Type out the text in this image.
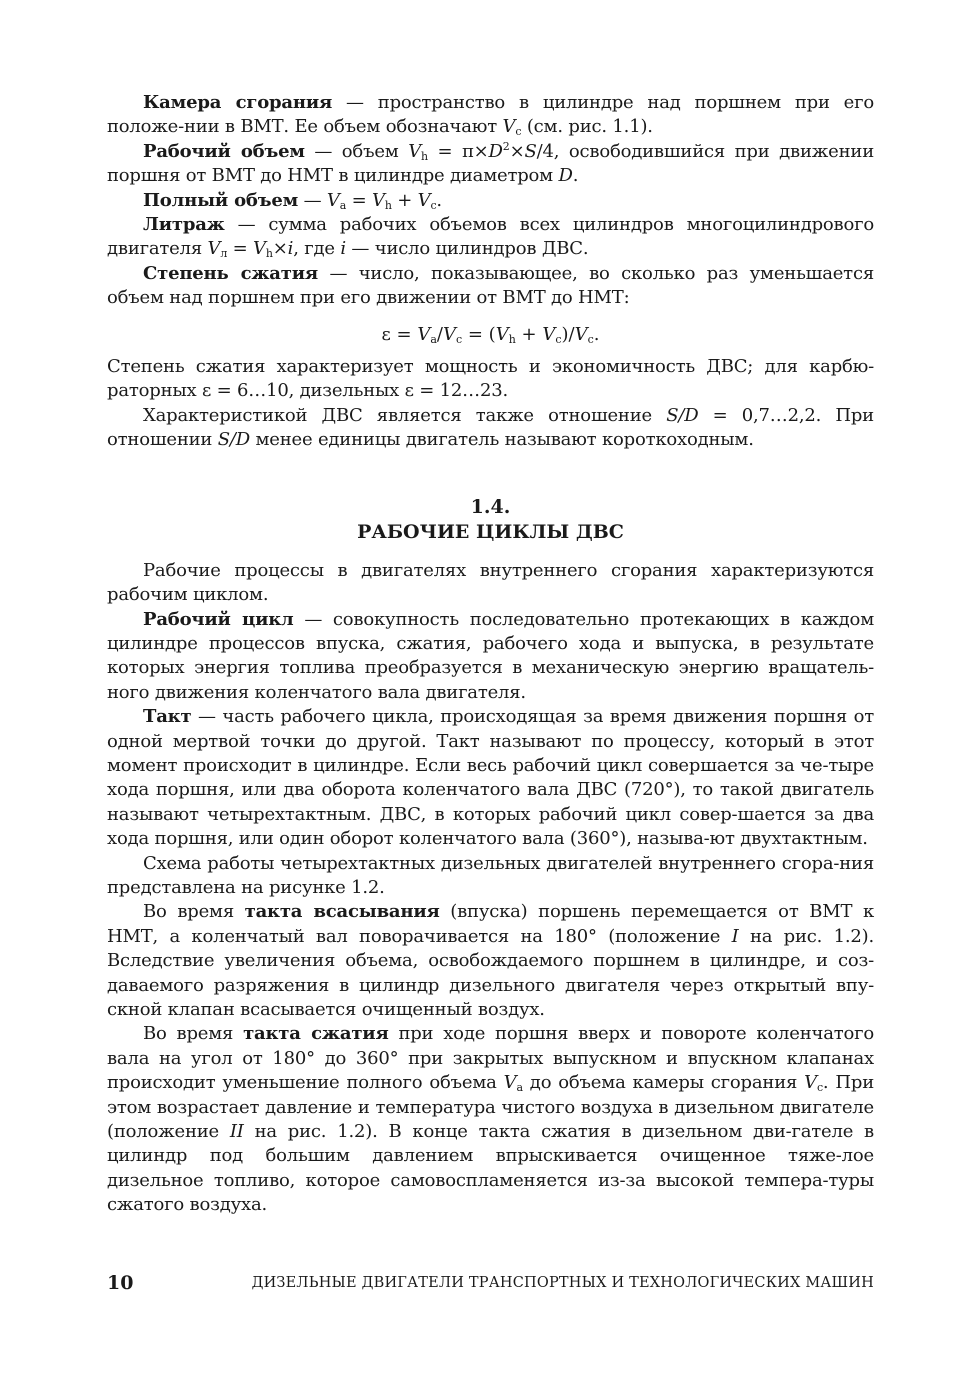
Камера сгорания — пространство в цилиндре над поршнем при его положе-нии в ВМТ. Ее объем обозначают $V_c$ (см. рис. 1.1).

Рабочий объем — объем $V_h = \pi\times D^2\times S/4$, освободившийся при движении поршня от ВМТ до НМТ в цилиндре диаметром D.

Полный объем — $V_a = V_h + V_c$.

Литраж — сумма рабочих объемов всех цилиндров многоцилиндрового двигателя $V_л = V_h\times i$, где i — число цилиндров ДВС.

Степень сжатия — число, показывающее, во сколько раз уменьшается объем над поршнем при его движении от ВМТ до НМТ:

$\varepsilon = V_a/V_c = (V_h + V_c)/V_c$.

Степень сжатия характеризует мощность и экономичность ДВС; для карбю-раторных ε = 6…10, дизельных ε = 12…23.

Характеристикой ДВС является также отношение S/D = 0,7…2,2. При отношении S/D менее единицы двигатель называют короткоходным.

1.4.
РАБОЧИЕ ЦИКЛЫ ДВС

Рабочие процессы в двигателях внутреннего сгорания характеризуются рабочим циклом.

Рабочий цикл — совокупность последовательно протекающих в каждом цилиндре процессов впуска, сжатия, рабочего хода и выпуска, в результате которых энергия топлива преобразуется в механическую энергию вращатель-ного движения коленчатого вала двигателя.

Такт — часть рабочего цикла, происходящая за время движения поршня от одной мертвой точки до другой. Такт называют по процессу, который в этот момент происходит в цилиндре. Если весь рабочий цикл совершается за че-тыре хода поршня, или два оборота коленчатого вала ДВС (720°), то такой двигатель называют четырехтактным. ДВС, в которых рабочий цикл совер-шается за два хода поршня, или один оборот коленчатого вала (360°), называ-ют двухтактным.

Схема работы четырехтактных дизельных двигателей внутреннего сгора-ния представлена на рисунке 1.2.

Во время такта всасывания (впуска) поршень перемещается от ВМТ к НМТ, а коленчатый вал поворачивается на 180° (положение I на рис. 1.2). Вследствие увеличения объема, освобождаемого поршнем в цилиндре, и соз-даваемого разряжения в цилиндр дизельного двигателя через открытый впу-скной клапан всасывается очищенный воздух.

Во время такта сжатия при ходе поршня вверх и повороте коленчатого вала на угол от 180° до 360° при закрытых выпускном и впускном клапанах происходит уменьшение полного объема $V_a$ до объема камеры сгорания $V_c$. При этом возрастает давление и температура чистого воздуха в дизельном двигателе (положение II на рис. 1.2). В конце такта сжатия в дизельном дви-гателе в цилиндр под большим давлением впрыскивается очищенное тяже-лое дизельное топливо, которое самовоспламеняется из-за высокой темпера-туры сжатого воздуха.

10	ДИЗЕЛЬНЫЕ ДВИГАТЕЛИ ТРАНСПОРТНЫХ И ТЕХНОЛОГИЧЕСКИХ МАШИН
